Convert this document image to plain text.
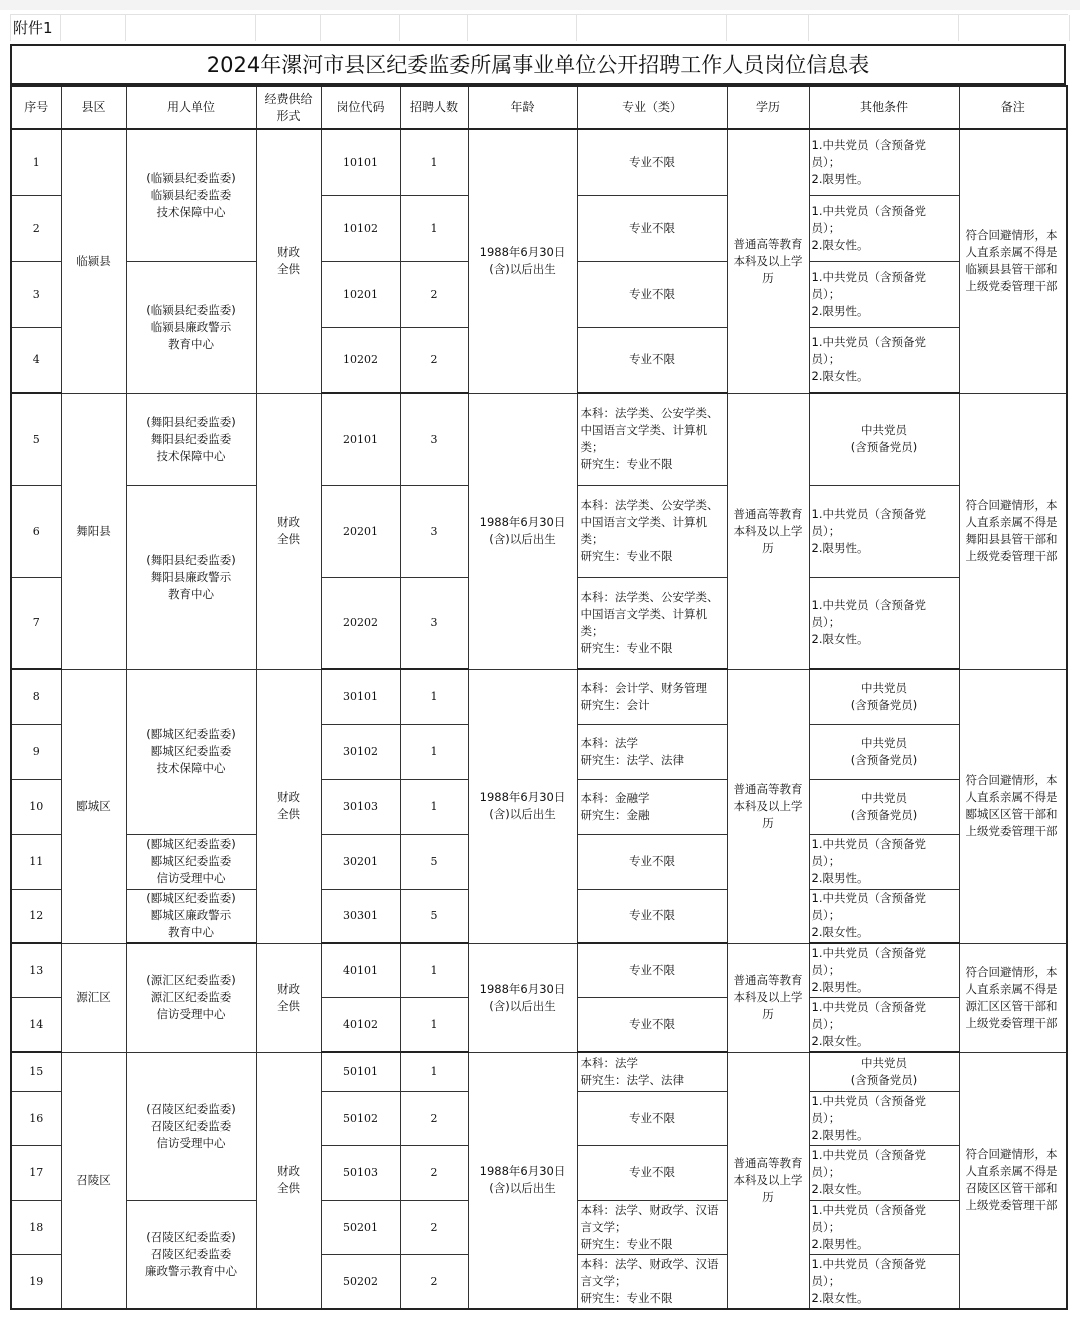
附件1
2024年漯河市县区纪委监委所属事业单位公开招聘工作人员岗位信息表
序号	县区	用人单位	经费供给形式	岗位代码	招聘人数	年龄	专业（类）	学历	其他条件	备注
1	临颍县	(临颍县纪委监委)
临颍县纪委监委
技术保障中心	财政全供	10101	1	1988年6月30日(含)以后出生	专业不限	普通高等教育本科及以上学历	1.中共党员（含预备党
员）；
2.限男性。	符合回避情形，本人直系亲属不得是临颍县县管干部和上级党委管理干部
2				10102	1		专业不限		1.中共党员（含预备党
员）；
2.限女性。	

3		(临颍县纪委监委)
临颍县廉政警示
教育中心		10201	2		专业不限		1.中共党员（含预备党
员）；
2.限男性。	

4				10202	2		专业不限		1.中共党员（含预备党
员）；
2.限女性。	

5	舞阳县	(舞阳县纪委监委)
舞阳县纪委监委
技术保障中心	财政全供	20101	3	1988年6月30日(含)以后出生	本科：法学类、公安学类、
中国语言文学类、计算机
类；
研究生：专业不限	普通高等教育本科及以上学历	中共党员
(含预备党员)	符合回避情形，本人直系亲属不得是舞阳县县管干部和上级党委管理干部
6		(舞阳县纪委监委)
舞阳县廉政警示
教育中心		20201	3		本科：法学类、公安学类、
中国语言文学类、计算机
类；
研究生：专业不限		1.中共党员（含预备党
员）；
2.限男性。	

7				20202	3		本科：法学类、公安学类、
中国语言文学类、计算机
类；
研究生：专业不限		1.中共党员（含预备党
员）；
2.限女性。	

8	郾城区	(郾城区纪委监委)
郾城区纪委监委
技术保障中心	财政全供	30101	1	1988年6月30日(含)以后出生	本科：会计学、财务管理
研究生：会计	普通高等教育本科及以上学历	中共党员
(含预备党员)	符合回避情形，本人直系亲属不得是郾城区区管干部和上级党委管理干部
9				30102	1		本科：法学
研究生：法学、法律		中共党员
(含预备党员)	

10				30103	1		本科：金融学
研究生：金融		中共党员
(含预备党员)	

11		(郾城区纪委监委)
郾城区纪委监委
信访受理中心		30201	5		专业不限		1.中共党员（含预备党
员）；
2.限男性。	

12		(郾城区纪委监委)
郾城区廉政警示
教育中心		30301	5		专业不限		1.中共党员（含预备党
员）；
2.限女性。	

13	源汇区	(源汇区纪委监委)
源汇区纪委监委
信访受理中心	财政全供	40101	1	1988年6月30日(含)以后出生	专业不限	普通高等教育本科及以上学历	1.中共党员（含预备党
员）；
2.限男性。	符合回避情形，本人直系亲属不得是源汇区区管干部和上级党委管理干部
14				40102	1		专业不限		1.中共党员（含预备党
员）；
2.限女性。	

15	召陵区	(召陵区纪委监委)
召陵区纪委监委
信访受理中心	财政全供	50101	1	1988年6月30日(含)以后出生	本科：法学
研究生：法学、法律	普通高等教育本科及以上学历	中共党员
(含预备党员)	符合回避情形，本人直系亲属不得是召陵区区管干部和上级党委管理干部
16				50102	2		专业不限		1.中共党员（含预备党
员）；
2.限男性。	

17				50103	2		专业不限		1.中共党员（含预备党
员）；
2.限女性。	

18		(召陵区纪委监委)
召陵区纪委监委
廉政警示教育中心		50201	2		本科：法学、财政学、汉语
言文学；
研究生：专业不限		1.中共党员（含预备党
员）；
2.限男性。	

19				50202	2		本科：法学、财政学、汉语
言文学；
研究生：专业不限		1.中共党员（含预备党
员）；
2.限女性。	
